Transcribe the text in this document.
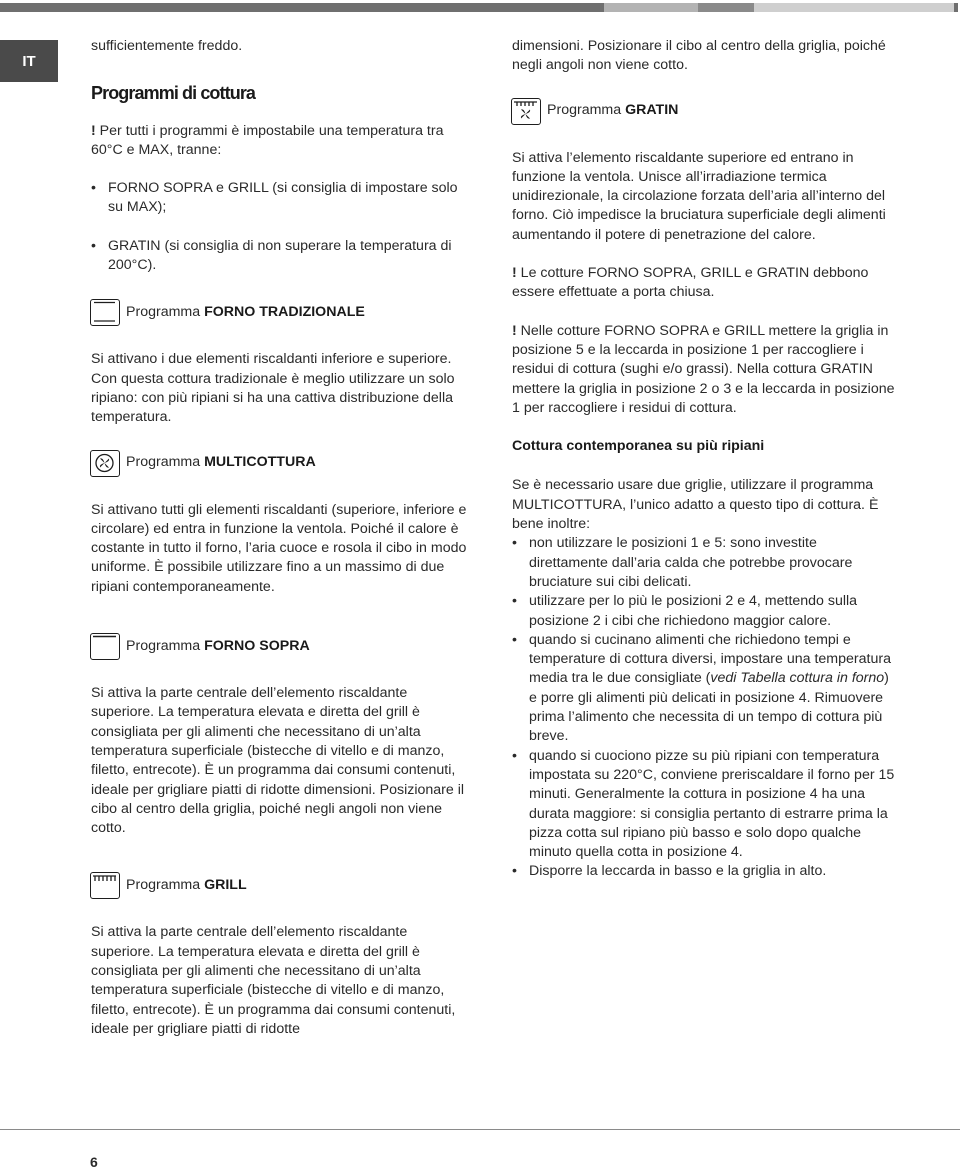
IT

sufficientemente freddo.

Programmi di cottura

! Per tutti i programmi è impostabile una temperatura tra 60°C e MAX, tranne:

• FORNO SOPRA e GRILL (si consiglia di impostare solo su MAX);
• GRATIN (si consiglia di non superare la temperatura di 200°C).
Programma FORNO TRADIZIONALE

Si attivano i due elementi riscaldanti inferiore e superiore. Con questa cottura tradizionale è meglio utilizzare un solo ripiano: con più ripiani si ha una cattiva distribuzione della temperatura.

Programma MULTICOTTURA

Si attivano tutti gli elementi riscaldanti (superiore, inferiore e circolare) ed entra in funzione la ventola. Poiché il calore è costante in tutto il forno, l’aria cuoce e rosola il cibo in modo uniforme. È possibile utilizzare fino a un massimo di due ripiani contemporaneamente.

Programma FORNO SOPRA

Si attiva la parte centrale dell’elemento riscaldante superiore. La temperatura elevata e diretta del grill è consigliata per gli alimenti che necessitano di un’alta temperatura superficiale (bistecche di vitello e di manzo, filetto, entrecote). È un programma dai consumi contenuti, ideale per grigliare piatti di ridotte dimensioni. Posizionare il cibo al centro della griglia, poiché negli angoli non viene cotto.

Programma GRILL

Si attiva la parte centrale dell’elemento riscaldante superiore. La temperatura elevata e diretta del grill è consigliata per gli alimenti che necessitano di un’alta temperatura superficiale (bistecche di vitello e di manzo, filetto, entrecote). È un programma dai consumi contenuti, ideale per grigliare piatti di ridotte

dimensioni. Posizionare il cibo al centro della griglia, poiché negli angoli non viene cotto.

Programma GRATIN

Si attiva l’elemento riscaldante superiore ed entrano in funzione la ventola. Unisce all’irradiazione termica unidirezionale, la circolazione forzata dell’aria all’interno del forno. Ciò impedisce la bruciatura superficiale degli alimenti aumentando il potere di penetrazione del calore.

! Le cotture FORNO SOPRA, GRILL e GRATIN debbono essere effettuate a porta chiusa.

! Nelle cotture FORNO SOPRA e GRILL mettere la griglia in posizione 5 e la leccarda in posizione 1 per raccogliere i residui di cottura (sughi e/o grassi). Nella cottura GRATIN mettere la griglia in posizione 2 o 3 e la leccarda in posizione 1 per raccogliere i residui di cottura.

Cottura contemporanea su più ripiani

Se è necessario usare due griglie, utilizzare il programma MULTICOTTURA, l’unico adatto a questo tipo di cottura. È bene inoltre:

• non utilizzare le posizioni 1 e 5: sono investite direttamente dall’aria calda che potrebbe provocare bruciature sui cibi delicati.
• utilizzare per lo più le posizioni 2 e 4, mettendo sulla posizione 2 i cibi che richiedono maggior calore.
• quando si cucinano alimenti che richiedono tempi e temperature di cottura diversi, impostare una temperatura media tra le due consigliate (vedi Tabella cottura in forno) e porre gli alimenti più delicati in posizione 4. Rimuovere prima l’alimento che necessita di un tempo di cottura più breve.
• quando si cuociono pizze su più ripiani con temperatura impostata su 220°C, conviene preriscaldare il forno per 15 minuti. Generalmente la cottura in posizione 4 ha una durata maggiore: si consiglia pertanto di estrarre prima la pizza cotta sul ripiano più basso e solo dopo qualche minuto quella cotta in posizione 4.
• Disporre la leccarda in basso e la griglia in alto.
6
